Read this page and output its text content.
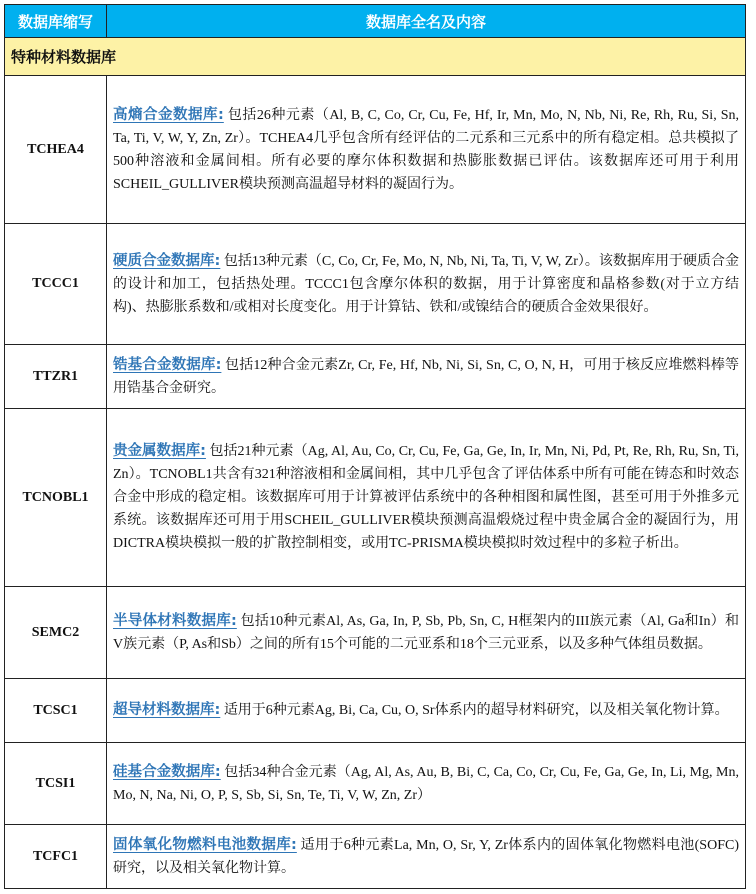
数据库缩写	数据库全名及内容
特种材料数据库	
TCHEA4	高熵合金数据库: 包括26种元素（Al, B, C, Co, Cr, Cu, Fe, Hf, Ir, Mn, Mo, N, Nb, Ni, Re, Rh, Ru, Si, Sn, Ta, Ti, V, W, Y, Zn, Zr）。TCHEA4几乎包含所有经评估的二元系和三元系中的所有稳定相。总共模拟了500种溶液和金属间相。所有必要的摩尔体积数据和热膨胀数据已评估。该数据库还可用于利用SCHEIL_GULLIVER模块预测高温超导材料的凝固行为。
TCCC1	硬质合金数据库: 包括13种元素（C, Co, Cr, Fe, Mo, N, Nb, Ni, Ta, Ti, V, W, Zr）。该数据库用于硬质合金的设计和加工，包括热处理。TCCC1包含摩尔体积的数据，用于计算密度和晶格参数(对于立方结构)、热膨胀系数和/或相对长度变化。用于计算钴、铁和/或镍结合的硬质合金效果很好。
TTZR1	锆基合金数据库: 包括12种合金元素Zr, Cr, Fe, Hf, Nb, Ni, Si, Sn, C, O, N, H，可用于核反应堆燃料棒等用锆基合金研究。
TCNOBL1	贵金属数据库: 包括21种元素（Ag, Al, Au, Co, Cr, Cu, Fe, Ga, Ge, In, Ir, Mn, Ni, Pd, Pt, Re, Rh, Ru, Sn, Ti, Zn）。TCNOBL1共含有321种溶液相和金属间相，其中几乎包含了评估体系中所有可能在铸态和时效态合金中形成的稳定相。该数据库可用于计算被评估系统中的各种相图和属性图，甚至可用于外推多元系统。该数据库还可用于用SCHEIL_GULLIVER模块预测高温煅烧过程中贵金属合金的凝固行为，用DICTRA模块模拟一般的扩散控制相变，或用TC-PRISMA模块模拟时效过程中的多粒子析出。
SEMC2	半导体材料数据库: 包括10种元素Al, As, Ga, In, P, Sb, Pb, Sn, C, H框架内的III族元素（Al, Ga和In）和V族元素（P, As和Sb）之间的所有15个可能的二元亚系和18个三元亚系，以及多种气体组员数据。
TCSC1	超导材料数据库: 适用于6种元素Ag, Bi, Ca, Cu, O, Sr体系内的超导材料研究，以及相关氧化物计算。
TCSI1	硅基合金数据库: 包括34种合金元素（Ag, Al, As, Au, B, Bi, C, Ca, Co, Cr, Cu, Fe, Ga, Ge, In, Li, Mg, Mn, Mo, N, Na, Ni, O, P, S, Sb, Si, Sn, Te, Ti, V, W, Zn, Zr）
TCFC1	固体氧化物燃料电池数据库: 适用于6种元素La, Mn, O, Sr, Y, Zr体系内的固体氧化物燃料电池(SOFC)研究，以及相关氧化物计算。
